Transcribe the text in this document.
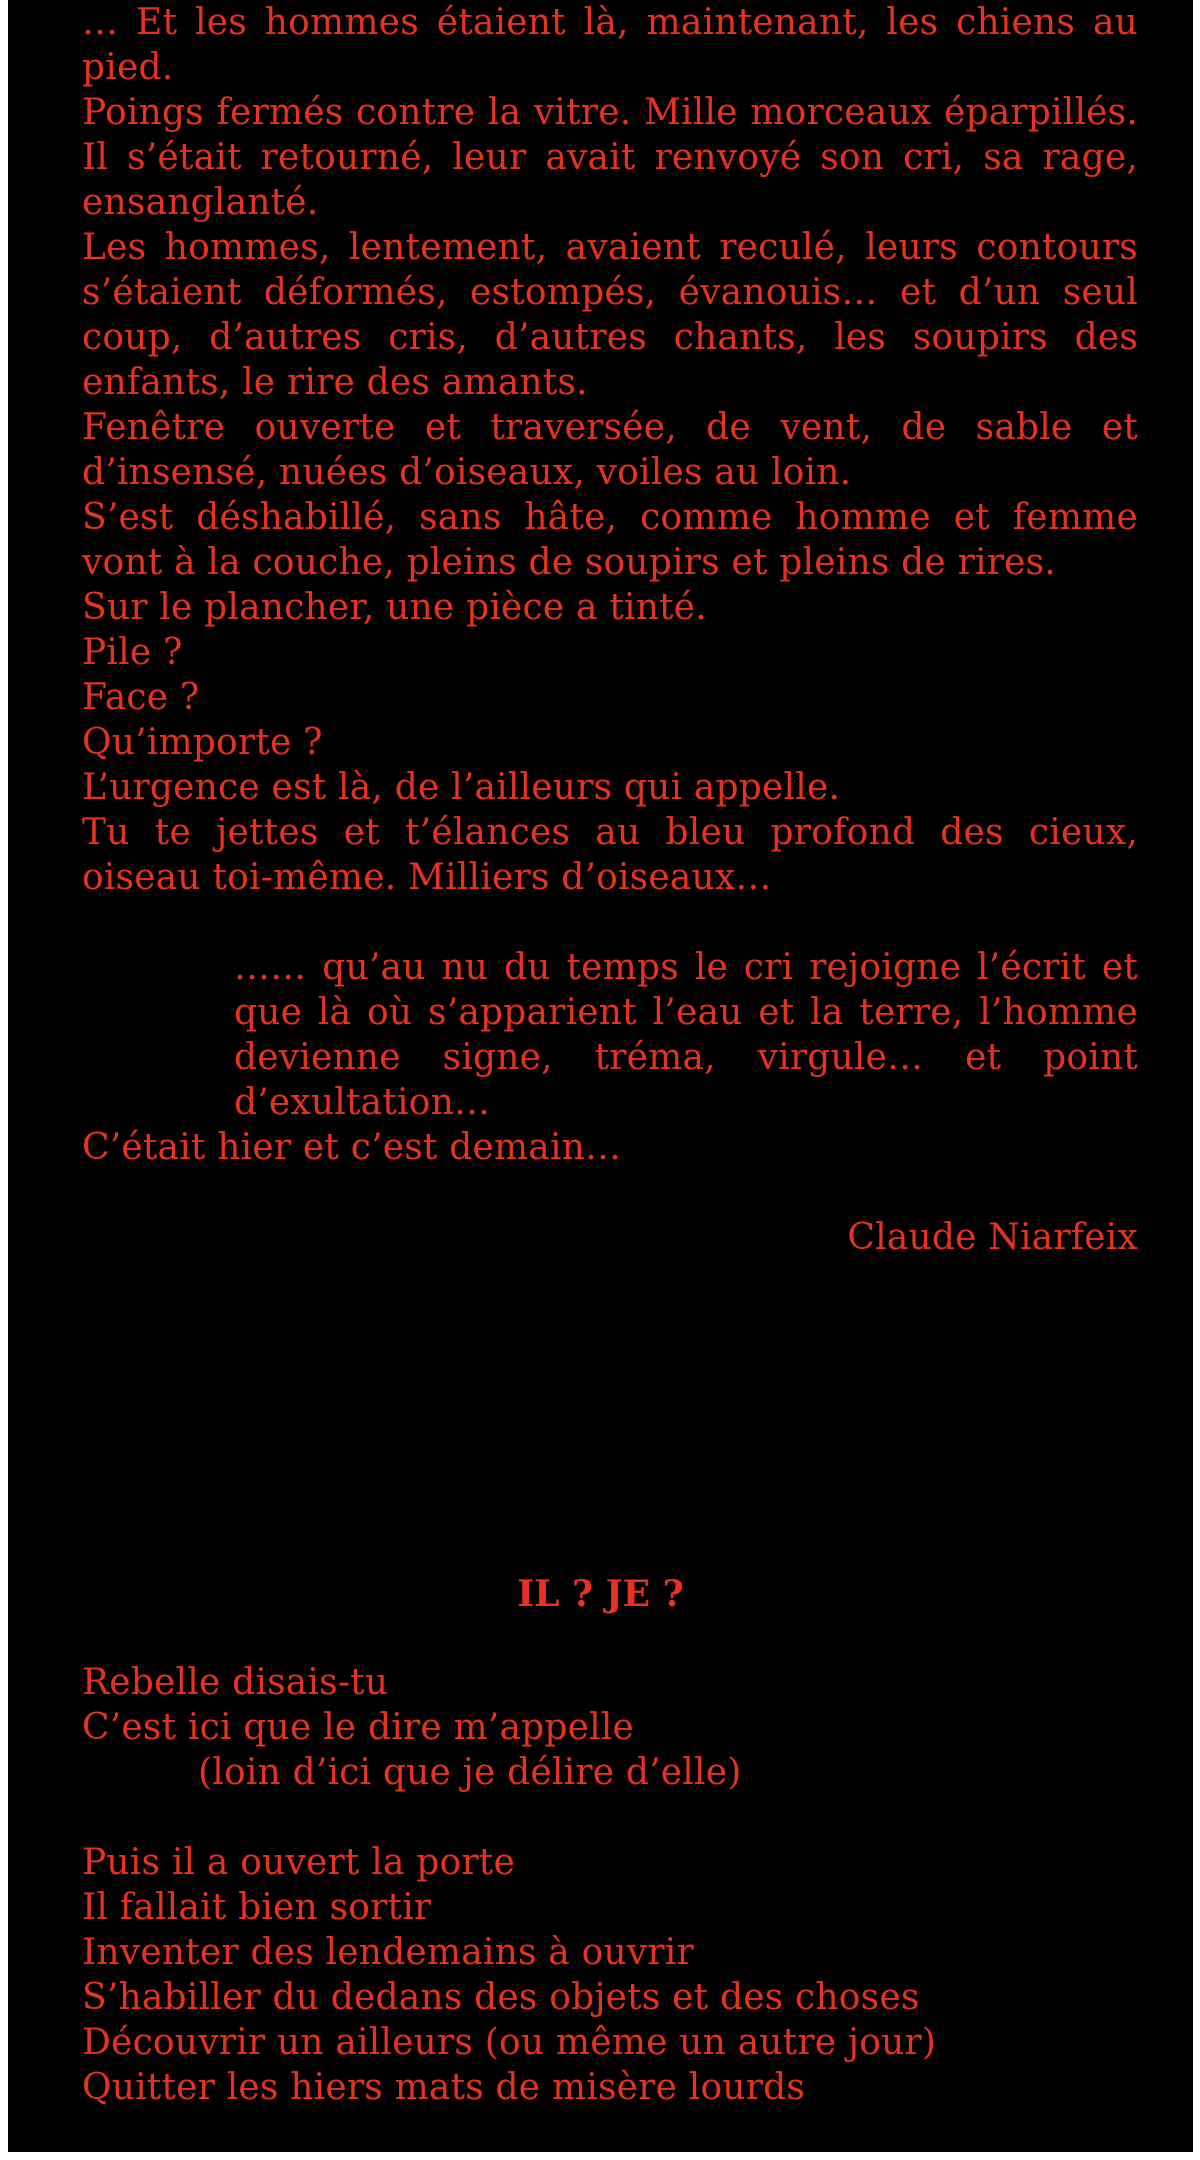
… Et les hommes étaient là, maintenant, les chiens au pied.

Poings fermés contre la vitre. Mille morceaux éparpillés. Il s’était retourné, leur avait renvoyé son cri, sa rage, ensanglanté.

Les hommes, lentement, avaient reculé, leurs contours s’étaient déformés, estompés, évanouis… et d’un seul coup, d’autres cris, d’autres chants, les soupirs des enfants, le rire des amants.

Fenêtre ouverte et traversée, de vent, de sable et d’insensé, nuées d’oiseaux, voiles au loin.

S’est déshabillé, sans hâte, comme homme et femme vont à la couche, pleins de soupirs et pleins de rires.

Sur le plancher, une pièce a tinté.

Pile ?

Face ?

Qu’importe ?

L’urgence est là, de l’ailleurs qui appelle.

Tu te jettes et t’élances au bleu profond des cieux, oiseau toi-même. Milliers d’oiseaux…

…… qu’au nu du temps le cri rejoigne l’écrit et que là où s’apparient l’eau et la terre, l’homme devienne signe, tréma, virgule… et point d’exultation…

C’était hier et c’est demain…

Claude Niarfeix

IL ? JE ?

Rebelle disais-tu

C’est ici que le dire m’appelle

(loin d’ici que je délire d’elle)

Puis il a ouvert la porte

Il fallait bien sortir

Inventer des lendemains à ouvrir

S’habiller du dedans des objets et des choses

Découvrir un ailleurs (ou même un autre jour)

Quitter les hiers mats de misère lourds
